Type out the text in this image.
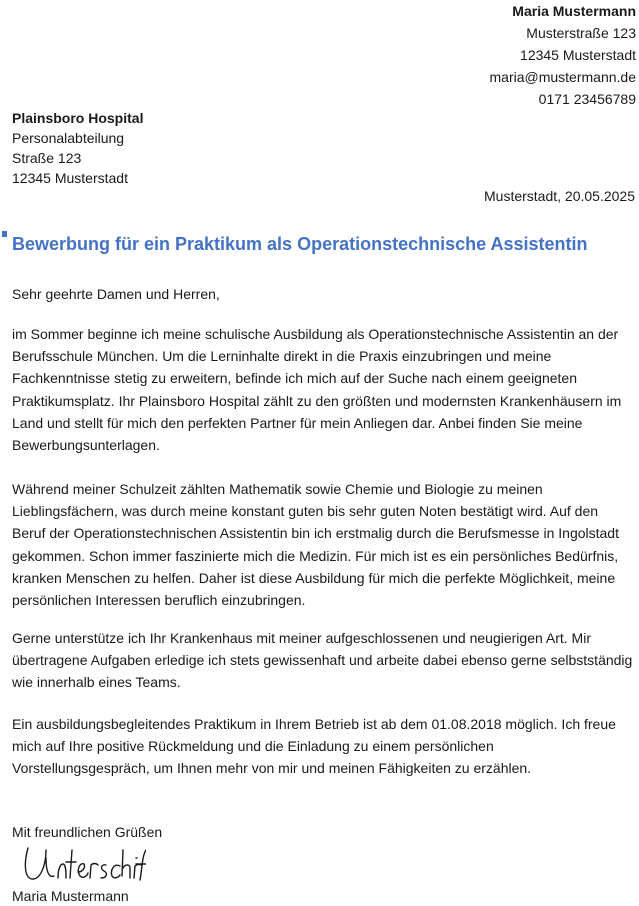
Maria Mustermann
Musterstraße 123
12345 Musterstadt
maria@mustermann.de
0171 23456789
Plainsboro Hospital
Personalabteilung
Straße 123
12345 Musterstadt
Musterstadt, 20.05.2025
Bewerbung für ein Praktikum als Operationstechnische Assistentin
Sehr geehrte Damen und Herren,

im Sommer beginne ich meine schulische Ausbildung als Operationstechnische Assistentin an der Berufsschule München. Um die Lerninhalte direkt in die Praxis einzubringen und meine Fachkenntnisse stetig zu erweitern, befinde ich mich auf der Suche nach einem geeigneten Praktikumsplatz. Ihr Plainsboro Hospital zählt zu den größten und modernsten Krankenhäusern im Land und stellt für mich den perfekten Partner für mein Anliegen dar. Anbei finden Sie meine Bewerbungsunterlagen.

Während meiner Schulzeit zählten Mathematik sowie Chemie und Biologie zu meinen Lieblingsfächern, was durch meine konstant guten bis sehr guten Noten bestätigt wird. Auf den Beruf der Operationstechnischen Assistentin bin ich erstmalig durch die Berufsmesse in Ingolstadt gekommen. Schon immer faszinierte mich die Medizin. Für mich ist es ein persönliches Bedürfnis, kranken Menschen zu helfen. Daher ist diese Ausbildung für mich die perfekte Möglichkeit, meine persönlichen Interessen beruflich einzubringen.

Gerne unterstütze ich Ihr Krankenhaus mit meiner aufgeschlossenen und neugierigen Art. Mir übertragene Aufgaben erledige ich stets gewissenhaft und arbeite dabei ebenso gerne selbstständig wie innerhalb eines Teams.

Ein ausbildungsbegleitendes Praktikum in Ihrem Betrieb ist ab dem 01.08.2018 möglich. Ich freue mich auf Ihre positive Rückmeldung und die Einladung zu einem persönlichen Vorstellungsgespräch, um Ihnen mehr von mir und meinen Fähigkeiten zu erzählen.

Mit freundlichen Grüßen
Maria Mustermann
